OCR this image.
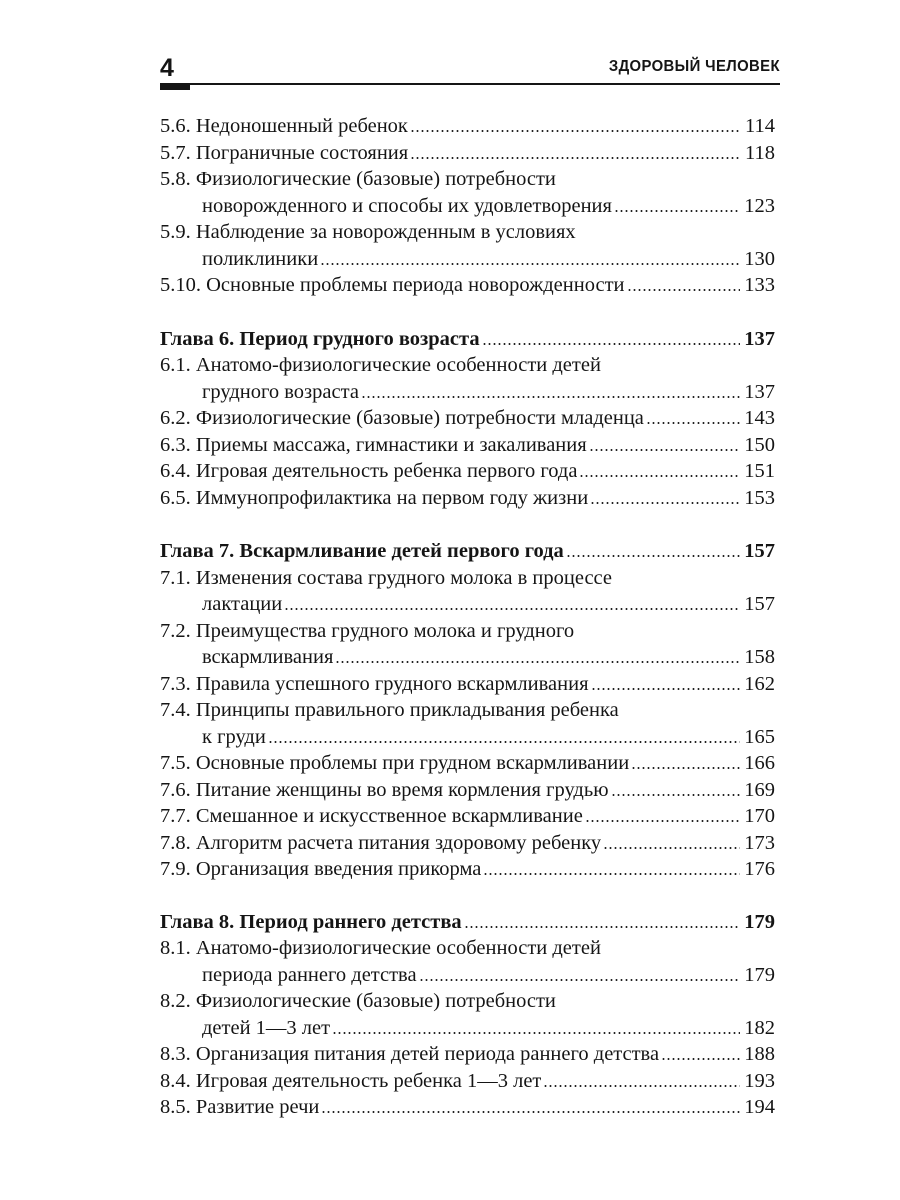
4	ЗДОРОВЫЙ ЧЕЛОВЕК
5.6. Недоношенный ребенок	114
5.7. Пограничные состояния	118
5.8. Физиологические (базовые) потребности
новорожденного и способы их удовлетворения	123
5.9. Наблюдение за новорожденным в условиях
поликлиники	130
5.10. Основные проблемы периода новорожденности	133
Глава 6. Период грудного возраста	137
6.1. Анатомо-физиологические особенности детей
грудного возраста	137
6.2. Физиологические (базовые) потребности младенца	143
6.3. Приемы массажа, гимнастики и закаливания	150
6.4. Игровая деятельность ребенка первого года	151
6.5. Иммунопрофилактика на первом году жизни	153
Глава 7. Вскармливание детей первого года	157
7.1. Изменения состава грудного молока в процессе
лактации	157
7.2. Преимущества грудного молока и грудного
вскармливания	158
7.3. Правила успешного грудного вскармливания	162
7.4. Принципы правильного прикладывания ребенка
к груди	165
7.5. Основные проблемы при грудном вскармливании	166
7.6. Питание женщины во время кормления грудью	169
7.7. Смешанное и искусственное вскармливание	170
7.8. Алгоритм расчета питания здоровому ребенку	173
7.9. Организация введения прикорма	176
Глава 8. Период раннего детства	179
8.1. Анатомо-физиологические особенности детей
периода раннего детства	179
8.2. Физиологические (базовые) потребности
детей 1—3 лет	182
8.3. Организация питания детей периода раннего детства	188
8.4. Игровая деятельность ребенка 1—3 лет	193
8.5. Развитие речи	194
